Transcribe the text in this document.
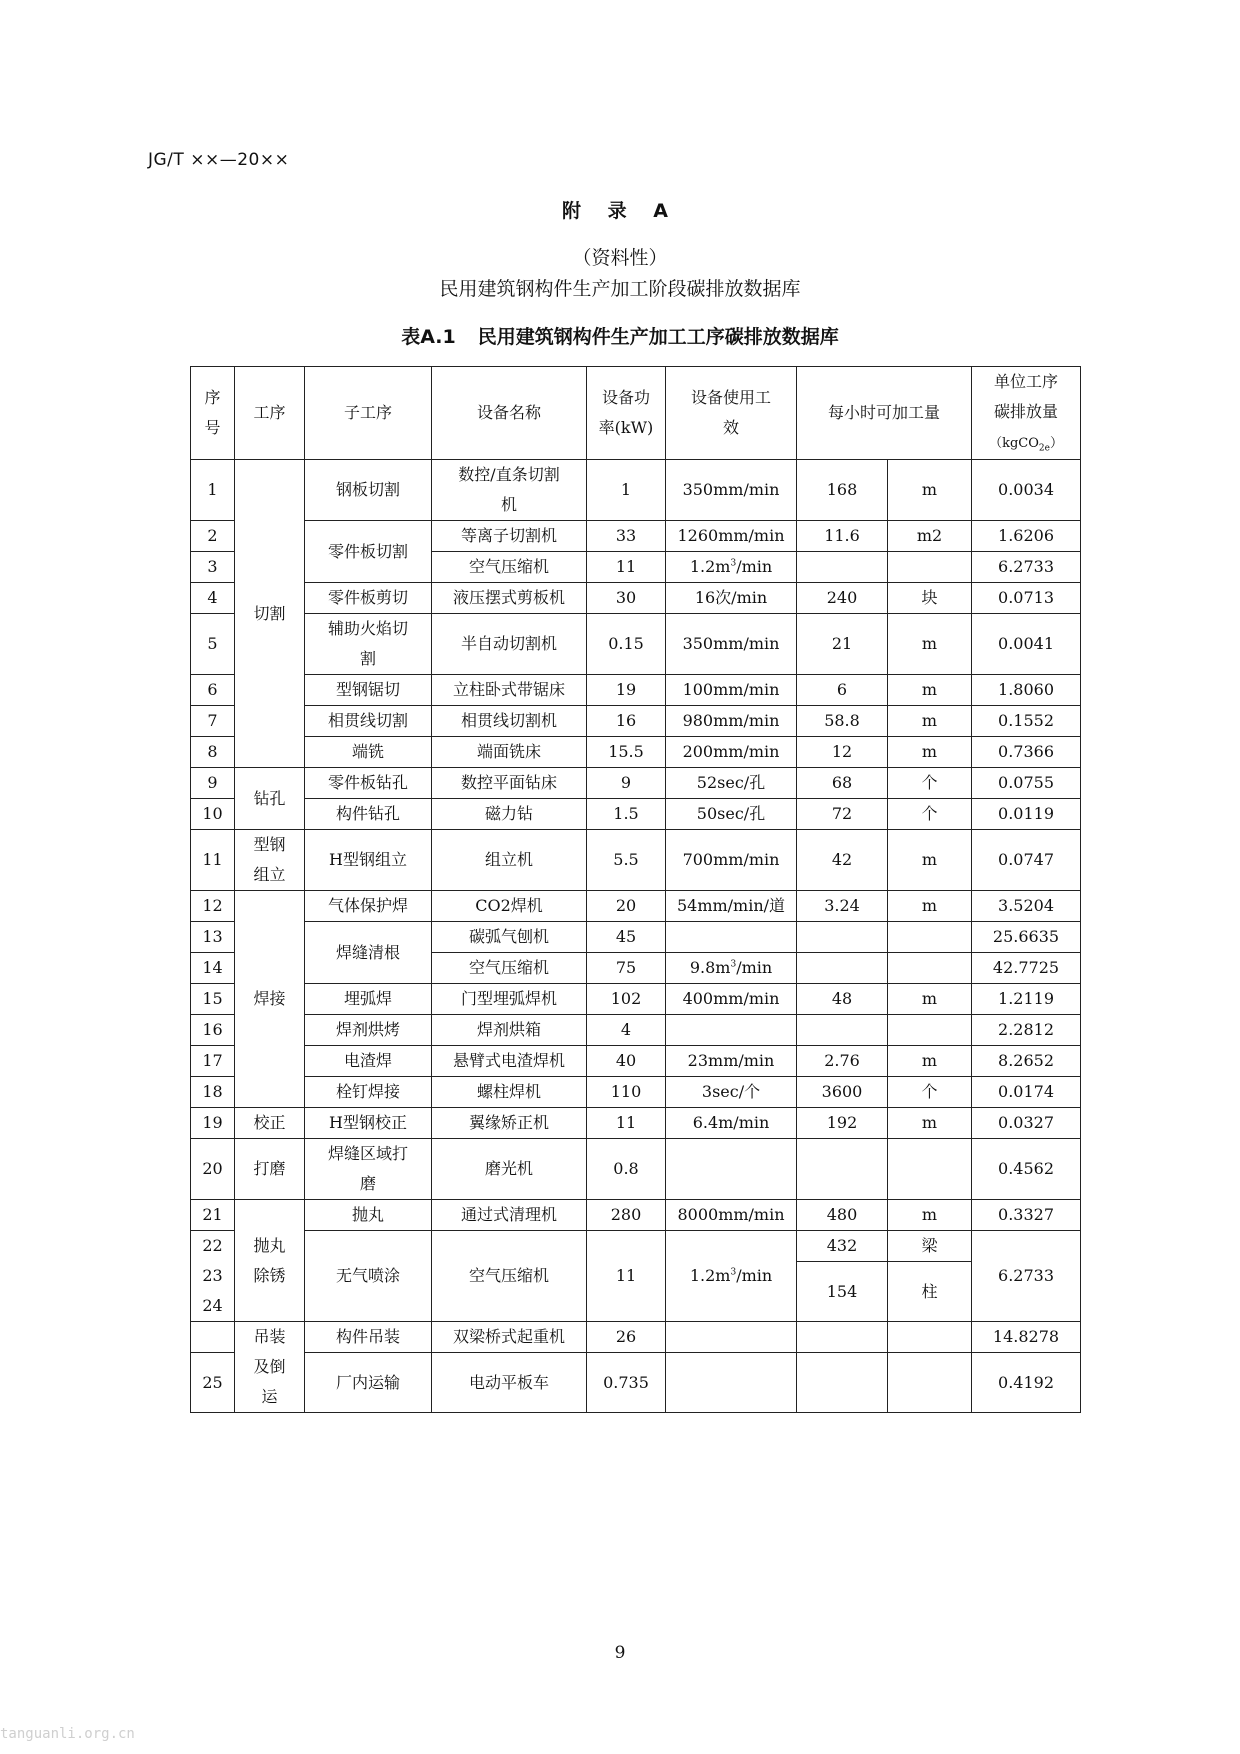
JG/T ××—20××
附 录 A
（资料性）
民用建筑钢构件生产加工阶段碳排放数据库
表A.1 民用建筑钢构件生产加工工序碳排放数据库
序
号	工序	子工序	设备名称	设备功
率(kW)	设备使用工
效	每小时可加工量		单位工序
碳排放量
（kgCO$_{2e}$）
1	切割	钢板切割	数控/直条切割
机	1	350mm/min	168	m	0.0034
2		零件板切割	等离子切割机	33	1260mm/min	11.6	m2	1.6206
3			空气压缩机	11	$1.2m^3/\min$			6.2733
4		零件板剪切	液压摆式剪板机	30	16次/min	240	块	0.0713
5		辅助火焰切
割	半自动切割机	0.15	350mm/min	21	m	0.0041
6		型钢锯切	立柱卧式带锯床	19	100mm/min	6	m	1.8060
7		相贯线切割	相贯线切割机	16	980mm/min	58.8	m	0.1552
8		端铣	端面铣床	15.5	200mm/min	12	m	0.7366
9	钻孔	零件板钻孔	数控平面钻床	9	52sec/孔	68	个	0.0755
10		构件钻孔	磁力钻	1.5	50sec/孔	72	个	0.0119
11	型钢
组立	H型钢组立	组立机	5.5	700mm/min	42	m	0.0747
12	焊接	气体保护焊	CO2焊机	20	54mm/min/道	3.24	m	3.5204
13		焊缝清根	碳弧气刨机	45				25.6635
14			空气压缩机	75	$9.8m^3/\min$			42.7725
15		埋弧焊	门型埋弧焊机	102	400mm/min	48	m	1.2119
16		焊剂烘烤	焊剂烘箱	4				2.2812
17		电渣焊	悬臂式电渣焊机	40	23mm/min	2.76	m	8.2652
18		栓钉焊接	螺柱焊机	110	3sec/个	3600	个	0.0174
19	校正	H型钢校正	翼缘矫正机	11	6.4m/min	192	m	0.0327
20	打磨	焊缝区域打
磨	磨光机	0.8				0.4562
21	抛丸
除锈	抛丸	通过式清理机	280	8000mm/min	480	m	0.3327
22
23
24		无气喷涂	空气压缩机	11	$1.2m^3/\min$	432	梁	6.2733
						154	柱	
	吊装
及倒
运	构件吊装	双梁桥式起重机	26				14.8278
25		厂内运输	电动平板车	0.735				0.4192
9
tanguanli.org.cn
